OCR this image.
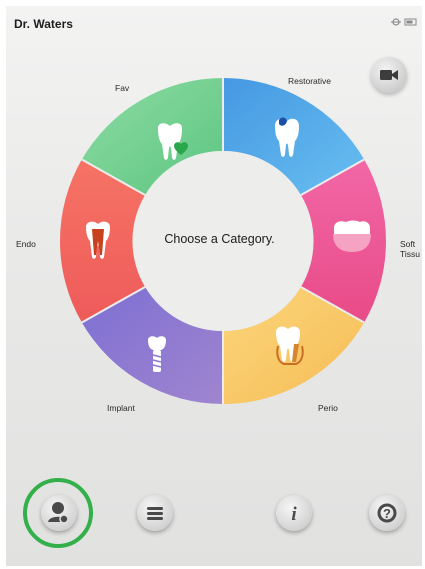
Dr. Waters
Fav
Restorative
Soft Tissu
Perio
Implant
Endo	Choose a Category.
i	?
